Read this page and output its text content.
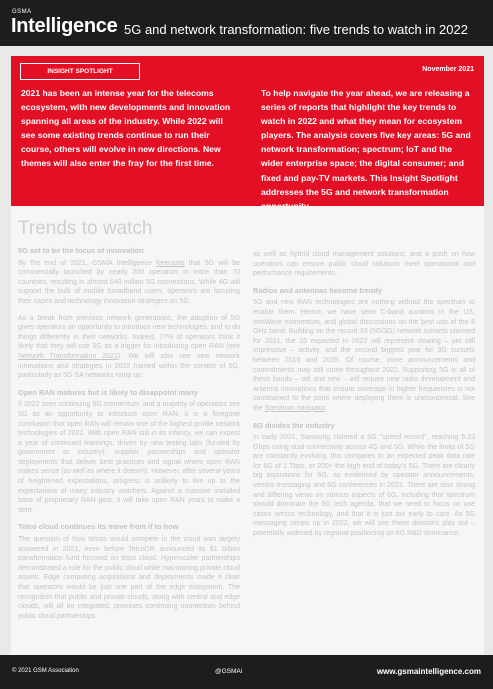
GSMA
Intelligence 5G and network transformation: five trends to watch in 2022
INSIGHT SPOTLIGHT	November 2021

2021 has been an intense year for the telecoms ecosystem, with new developments and innovation spanning all areas of the industry. While 2022 will see some existing trends continue to run their course, others will evolve in new directions. New themes will also enter the fray for the first time.

To help navigate the year ahead, we are releasing a series of reports that highlight the key trends to watch in 2022 and what they mean for ecosystem players. The analysis covers five key areas: 5G and network transformation; spectrum; IoT and the wider enterprise space; the digital consumer; and fixed and pay-TV markets. This Insight Spotlight addresses the 5G and network transformation

Trends to watch
5G set to be the focus of innovation

By the end of 2021, GSMA Intelligence forecasts that 5G will be commercially launched by nearly 200 operators in more than 70 countries, resulting in almost 640 million 5G connections. While 4G will support the bulk of mobile broadband users, operators are focusing their capex and technology innovation strategies on 5G.

As a break from previous network generations, the adoption of 5G gives operators an opportunity to introduce new technologies, and to do things differently in their networks. Indeed, 77% of operators think it likely that they will use 5G as a trigger for introducing open RAN (see Network Transformation 2021). We will also see new network innovations and strategies in 2022 framed within the context of 5G, particularly as 5G SA networks ramp up.

Open RAN matures but is likely to disappoint many

If 2022 sees continuing 5G momentum, and a majority of operators see 5G as an opportunity to introduce open RAN, it is a foregone conclusion that open RAN will remain one of the highest profile network technologies of 2022. With open RAN still in its infancy, we can expect a year of continued learnings, driven by new testing labs (funded by government or industry), supplier partnerships and operator deployments that deliver best practices and signal where open RAN makes sense (as well as where it doesn't). However, after several years of heightened expectations, progress is unlikely to live up to the expectations of many industry watchers. Against a massive installed base of proprietary RAN gear, it will take open RAN years to make a dent.

Telco cloud continues its move from if to how

The question of how telcos would compete in the cloud was largely answered in 2021, even before TelcoDR announced its $1 billion transformation fund focused on telco cloud. Hyperscaler partnerships demonstrated a role for the public cloud while maintaining private cloud assets. Edge computing acquisitions and deployments made it clear that operators would be just one part of the edge ecosystem. The recognition that public and private clouds, along with central and edge clouds, will all be integrated, promises continuing momentum behind public cloud partnerships

as well as hybrid cloud management solutions, and a push on how operators can ensure public cloud solutions meet operational and performance requirements.

Radios and antennas become trendy

5G and new RAN technologies are nothing without the spectrum to enable them. Hence, we have seen C-band auctions in the US, mmWave momentum, and global discussions on the best use of the 6 GHz band. Building on the record 33 (5G/3G) network sunsets planned for 2021, the 16 expected in 2022 will represent slowing – yet still impressive – activity, and the second biggest year for 3G sunsets between 2015 and 2025. Of course, more announcements and commitments may still come throughout 2022. Supporting 5G in all of these bands – old and new – will require new radio development and antenna innovations that ensure coverage in higher frequencies is not constrained to the point where deploying them is uneconomical. See the Spectrum navigator.

6G divides the industry

In early 2021, Samsung claimed a 5G "speed record", reaching 5.23 Gbps using dual connectivity across 4G and 5G. While the limits of 5G are constantly evolving, this compares to an expected peak data rate for 6G of 1 Tbps, or 200+ the high end of today's 5G. There are clearly big aspirations for 6G, as evidenced by operator announcements, vendor messaging and 6G conferences in 2021. There are also strong and differing views on various aspects of 6G, including that spectrum should dominate the 6G tech agenda, that we need to focus on use cases versus technology, and that it is just too early to care. As 5G messaging ramps up in 2022, we will see these divisions play out – potentially widened by regional positioning on 6G R&D dominance.

© 2021 GSM Association	@GSMAi	www.gsmaintelligence.com
